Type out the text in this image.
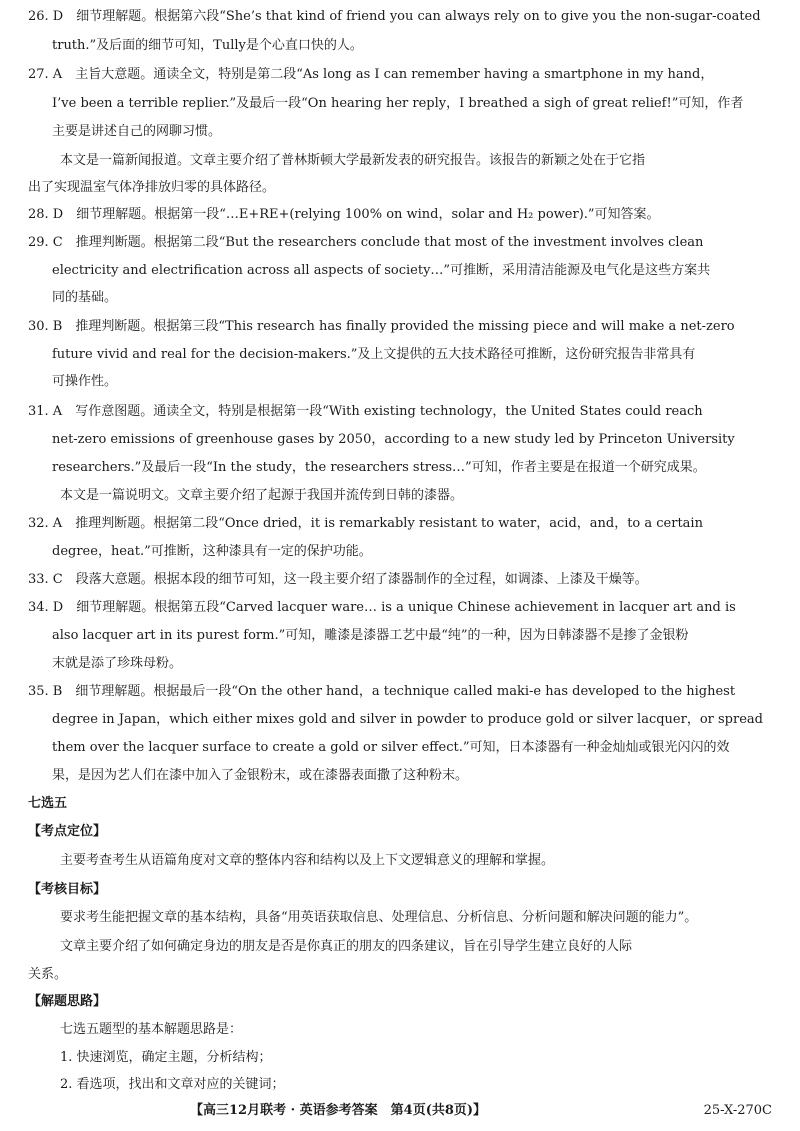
26. D　细节理解题。根据第六段“She’s that kind of friend you can always rely on to give you the non-sugar-coated
truth.”及后面的细节可知，Tully是个心直口快的人。
27. A　主旨大意题。通读全文，特别是第二段“As long as I can remember having a smartphone in my hand，
I’ve been a terrible replier.”及最后一段“On hearing her reply，I breathed a sigh of great relief!”可知，作者
主要是讲述自己的网聊习惯。
本文是一篇新闻报道。文章主要介绍了普林斯顿大学最新发表的研究报告。该报告的新颖之处在于它指
出了实现温室气体净排放归零的具体路径。
28. D　细节理解题。根据第一段“…E+RE+(relying 100% on wind，solar and H₂ power).”可知答案。
29. C　推理判断题。根据第二段“But the researchers conclude that most of the investment involves clean
electricity and electrification across all aspects of society…”可推断，采用清洁能源及电气化是这些方案共
同的基础。
30. B　推理判断题。根据第三段“This research has finally provided the missing piece and will make a net-zero
future vivid and real for the decision-makers.”及上文提供的五大技术路径可推断，这份研究报告非常具有
可操作性。
31. A　写作意图题。通读全文，特别是根据第一段“With existing technology，the United States could reach
net-zero emissions of greenhouse gases by 2050，according to a new study led by Princeton University
researchers.”及最后一段“In the study，the researchers stress…”可知，作者主要是在报道一个研究成果。
本文是一篇说明文。文章主要介绍了起源于我国并流传到日韩的漆器。
32. A　推理判断题。根据第二段“Once dried，it is remarkably resistant to water，acid，and，to a certain
degree，heat.”可推断，这种漆具有一定的保护功能。
33. C　段落大意题。根据本段的细节可知，这一段主要介绍了漆器制作的全过程，如调漆、上漆及干燥等。
34. D　细节理解题。根据第五段“Carved lacquer ware… is a unique Chinese achievement in lacquer art and is
also lacquer art in its purest form.”可知，雕漆是漆器工艺中最“纯”的一种，因为日韩漆器不是掺了金银粉
末就是添了珍珠母粉。
35. B　细节理解题。根据最后一段“On the other hand，a technique called maki-e has developed to the highest
degree in Japan，which either mixes gold and silver in powder to produce gold or silver lacquer，or spread
them over the lacquer surface to create a gold or silver effect.”可知，日本漆器有一种金灿灿或银光闪闪的效
果，是因为艺人们在漆中加入了金银粉末，或在漆器表面撒了这种粉末。
七选五
【考点定位】
主要考查考生从语篇角度对文章的整体内容和结构以及上下文逻辑意义的理解和掌握。
【考核目标】
要求考生能把握文章的基本结构，具备“用英语获取信息、处理信息、分析信息、分析问题和解决问题的能力”。
文章主要介绍了如何确定身边的朋友是否是你真正的朋友的四条建议，旨在引导学生建立良好的人际
关系。
【解题思路】
七选五题型的基本解题思路是：
1. 快速浏览，确定主题，分析结构；
2. 看选项，找出和文章对应的关键词；
【高三12月联考 · 英语参考答案　第4页(共8页)】	25-X-270C
